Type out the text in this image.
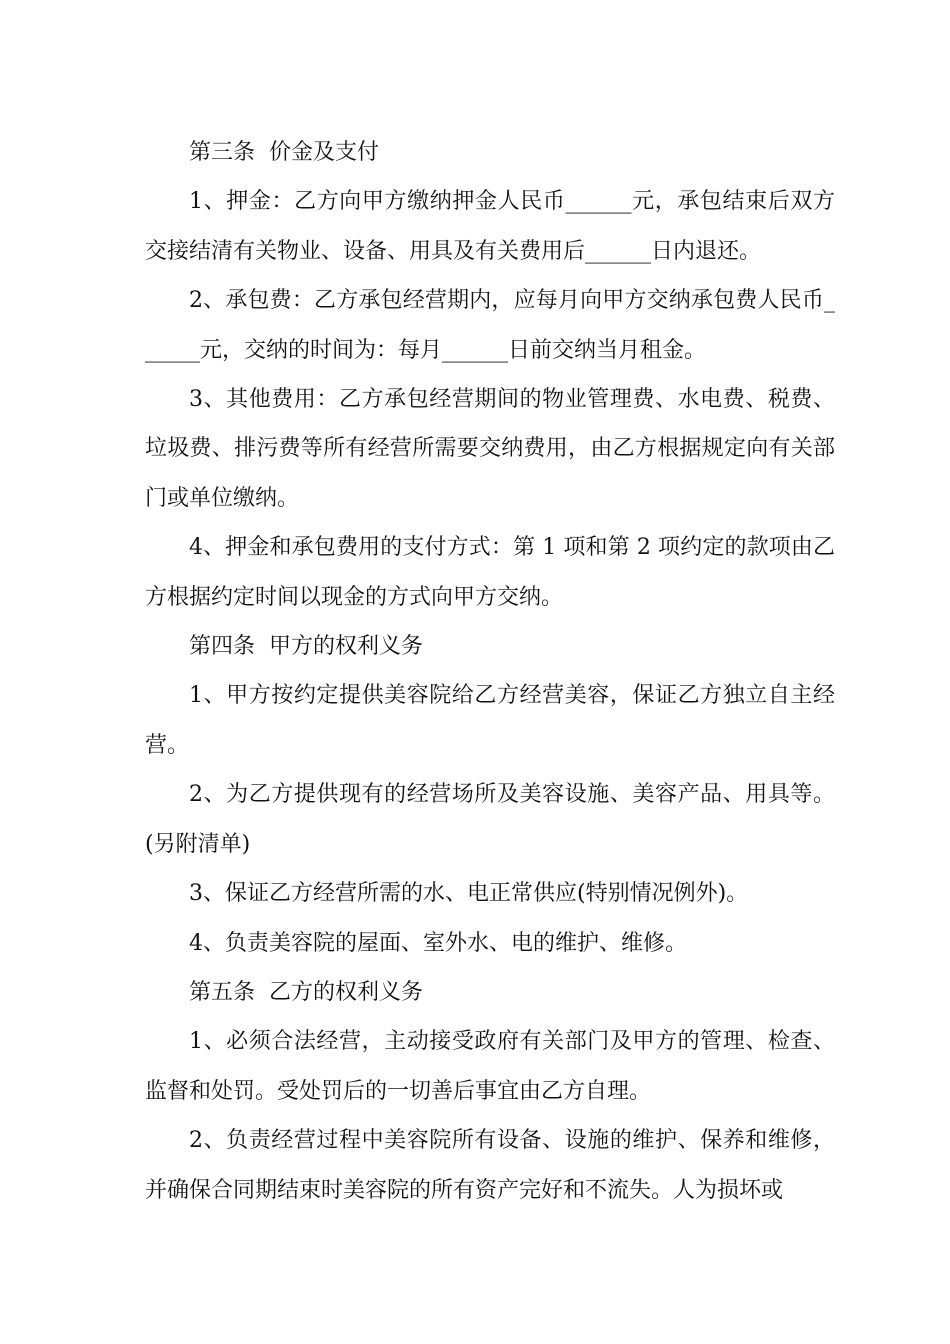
第三条  价金及支付

1、押金：乙方向甲方缴纳押金人民币______元，承包结束后双方交接结清有关物业、设备、用具及有关费用后______日内退还。

2、承包费：乙方承包经营期内，应每月向甲方交纳承包费人民币______元，交纳的时间为：每月______日前交纳当月租金。

3、其他费用：乙方承包经营期间的物业管理费、水电费、税费、垃圾费、排污费等所有经营所需要交纳费用，由乙方根据规定向有关部门或单位缴纳。

4、押金和承包费用的支付方式：第 1 项和第 2 项约定的款项由乙方根据约定时间以现金的方式向甲方交纳。

第四条  甲方的权利义务

1、甲方按约定提供美容院给乙方经营美容，保证乙方独立自主经营。

2、为乙方提供现有的经营场所及美容设施、美容产品、用具等。(另附清单)

3、保证乙方经营所需的水、电正常供应(特别情况例外)。

4、负责美容院的屋面、室外水、电的维护、维修。

第五条  乙方的权利义务

1、必须合法经营，主动接受政府有关部门及甲方的管理、检查、监督和处罚。受处罚后的一切善后事宜由乙方自理。

2、负责经营过程中美容院所有设备、设施的维护、保养和维修，并确保合同期结束时美容院的所有资产完好和不流失。人为损坏或
